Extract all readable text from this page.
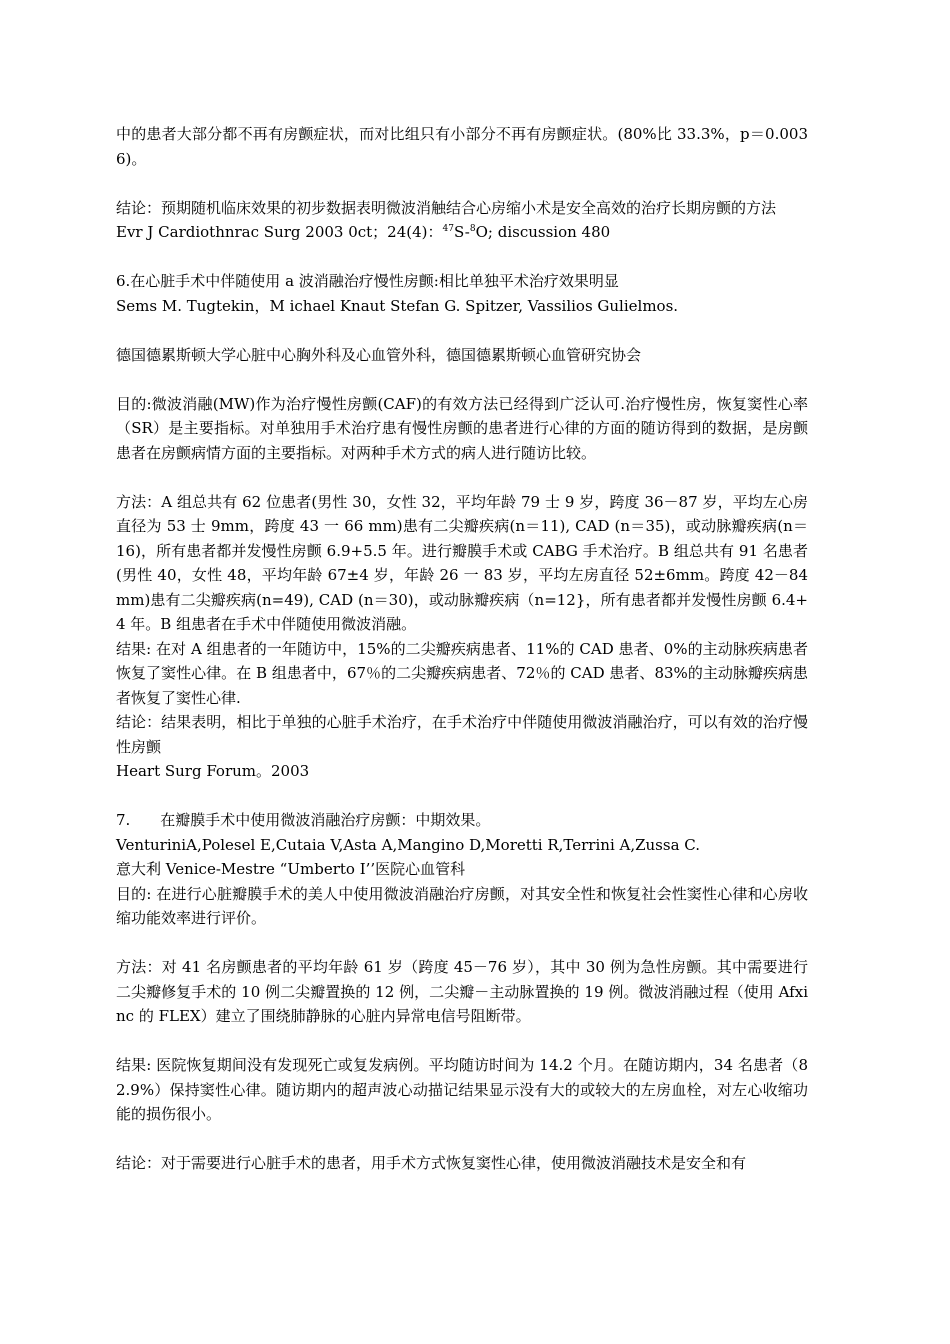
中的患者大部分都不再有房颤症状，而对比组只有小部分不再有房颤症状。(80%比 33.3%，p＝0.0036)。

结论：预期随机临床效果的初步数据表明微波消触结合心房缩小术是安全高效的治疗长期房颤的方法

Evr J Cardiothnrac Surg 2003 0ct；24(4)：$^{47}$S-$^8$O; discussion 480

6.在心脏手术中伴随使用 a 波消融治疗慢性房颤:相比单独平术治疗效果明显

Sems M. Tugtekin，M ichael Knaut Stefan G. Spitzer, Vassilios Gulielmos.

德国德累斯顿大学心脏中心胸外科及心血管外科，德国德累斯顿心血管研究协会

目的:微波消融(MW)作为治疗慢性房颤(CAF)的有效方法已经得到广泛认可.治疗慢性房，恢复窦性心率（SR）是主要指标。对单独用手术治疗患有慢性房颤的患者进行心律的方面的随访得到的数据，是房颤患者在房颤病情方面的主要指标。对两种手术方式的病人进行随访比较。

方法：A 组总共有 62 位患者(男性 30，女性 32，平均年龄 79 士 9 岁，跨度 36－87 岁，平均左心房直径为 53 士 9mm，跨度 43 一 66 mm)患有二尖瓣疾病(n＝11), CAD (n＝35)，或动脉瓣疾病(n＝16)，所有患者都并发慢性房颤 6.9+5.5 年。进行瓣膜手术或 CABG 手术治疗。B 组总共有 91 名患者(男性 40，女性 48，平均年龄 67±4 岁，年龄 26 一 83 岁，平均左房直径 52±6mm。跨度 42－84mm)患有二尖瓣疾病(n=49), CAD (n＝30)，或动脉瓣疾病（n=12}，所有患者都并发慢性房颤 6.4+4 年。B 组患者在手术中伴随使用微波消融。

结果: 在对 A 组患者的一年随访中，15%的二尖瓣疾病患者、11%的 CAD 患者、0%的主动脉疾病患者恢复了窦性心律。在 B 组患者中，67％的二尖瓣疾病患者、72％的 CAD 患者、83%的主动脉瓣疾病患者恢复了窦性心律.

结论：结果表明，相比于单独的心脏手术治疗，在手术治疗中伴随使用微波消融治疗，可以有效的治疗慢性房颤

Heart Surg Forum。2003

7.　　在瓣膜手术中使用微波消融治疗房颤：中期效果。

VenturiniA,Polesel E,Cutaia V,Asta A,Mangino D,Moretti R,Terrini A,Zussa C.

意大利 Venice-Mestre “Umberto I’’医院心血管科

目的: 在进行心脏瓣膜手术的美人中使用微波消融治疗房颤，对其安全性和恢复社会性窦性心律和心房收缩功能效率进行评价。

方法：对 41 名房颤患者的平均年龄 61 岁（跨度 45－76 岁），其中 30 例为急性房颤。其中需要进行二尖瓣修复手术的 10 例二尖瓣置换的 12 例，二尖瓣－主动脉置换的 19 例。微波消融过程（使用 Afxinc 的 FLEX）建立了围绕肺静脉的心脏内异常电信号阻断带。

结果: 医院恢复期间没有发现死亡或复发病例。平均随访时间为 14.2 个月。在随访期内，34 名患者（82.9%）保持窦性心律。随访期内的超声波心动描记结果显示没有大的或较大的左房血栓，对左心收缩功能的损伤很小。

结论：对于需要进行心脏手术的患者，用手术方式恢复窦性心律，使用微波消融技术是安全和有
